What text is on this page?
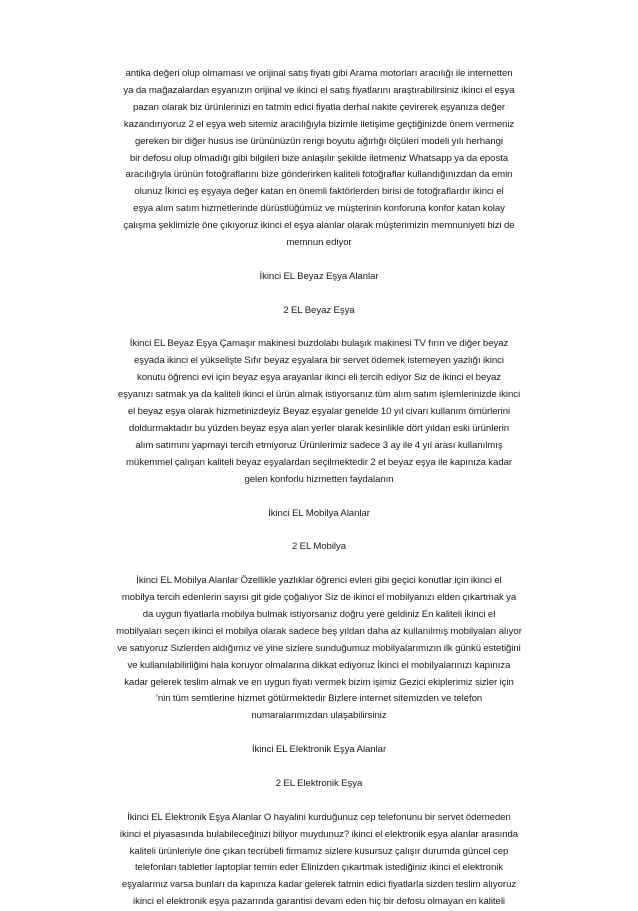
antika değeri olup olmaması ve orijinal satış fiyatı gibi Arama motorları aracılığı ile internetten
ya da mağazalardan eşyanızın orijinal ve ikinci el satış fiyatlarını araştırabilirsiniz ikinci el eşya
pazarı olarak biz ürünlerinizi en tatmin edici fiyatla derhal nakite çevirerek eşyanıza değer
kazandırıyoruz 2 el eşya web sitemiz aracılığıyla bizimle iletişime geçtiğinizde önem vermeniz
gereken bir diğer husus ise ürününüzün rengi boyutu ağırlığı ölçüleri modeli yılı herhangi
bir defosu olup olmadığı gibi bilgileri bize anlaşılır şekilde iletmeniz Whatsapp ya da eposta
aracılığıyla ürünün fotoğraflarını bize gönderirken kaliteli fotoğraflar kullandığınızdan da emin
olunuz İkinci eş eşyaya değer katan en önemli faktörlerden birisi de fotoğraflardır ikinci el
eşya alım satım hizmetlerinde dürüstlüğümüz ve müşterinin konforuna konfor katan kolay
çalışma şeklimizle öne çıkıyoruz ikinci el eşya alanlar olarak müşterimizin memnuniyeti bizi de
memnun ediyor

İkinci EL Beyaz Eşya Alanlar

2 EL Beyaz Eşya

İkinci EL Beyaz Eşya Çamaşır makinesi buzdolabı bulaşık makinesi TV fırın ve diğer beyaz
eşyada ikinci el yükselişte Sıfır beyaz eşyalara bir servet ödemek istemeyen yazlığı ikinci
konutu öğrenci evi için beyaz eşya arayanlar ikinci eli tercih ediyor Siz de ikinci el beyaz
eşyanızı satmak ya da kaliteli ikinci el ürün almak istiyorsanız tüm alım satım işlemlerinizde ikinci
el beyaz eşya olarak hizmetinizdeyiz Beyaz eşyalar genelde 10 yıl civarı kullanım ömürlerini
doldurmaktadır bu yüzden beyaz eşya alan yerler olarak kesinlikle dört yıldan eski ürünlerin
alım satımını yapmayı tercih etmiyoruz Ürünlerimiz sadece 3 ay ile 4 yıl arası kullanılmış
mükemmel çalışan kaliteli beyaz eşyalardan seçilmektedir 2 el beyaz eşya ile kapınıza kadar
gelen konforlu hizmetten faydalanın

İkinci EL Mobilya Alanlar

2 EL Mobilya

İkinci EL Mobilya Alanlar Özellikle yazlıklar öğrenci evleri gibi geçici konutlar için ikinci el
mobilya tercih edenlerin sayısı git gide çoğalıyor Siz de ikinci el mobilyanızı elden çıkartmak ya
da uygun fiyatlarla mobilya bulmak istiyorsanız doğru yere geldiniz En kaliteli ikinci el
mobilyaları seçen ikinci el mobilya olarak sadece beş yıldan daha az kullanılmış mobilyaları alıyor
ve satıyoruz Sizlerden aldığımız ve yine sizlere sunduğumuz mobilyalarımızın ilk günkü estetiğini
ve kullanılabilirliğini hala koruyor olmalarına dikkat ediyoruz İkinci el mobilyalarınızı kapınıza
kadar gelerek teslim almak ve en uygun fiyatı vermek bizim işimiz Gezici ekiplerimiz sizler için
’nin tüm semtlerine hizmet götürmektedir Bizlere internet sitemizden ve telefon
numaralarımızdan ulaşabilirsiniz

İkinci EL Elektronik Eşya Alanlar

2 EL Elektronik Eşya

İkinci EL Elektronik Eşya Alanlar O hayalini kurduğunuz cep telefonunu bir servet ödemeden
ikinci el piyasasında bulabileceğinizi biliyor muydunuz? ikinci el elektronik eşya alanlar arasında
kaliteli ürünleriyle öne çıkan tecrübeli firmamız sizlere kusursuz çalışır durumda güncel cep
telefonları tabletler laptoplar temin eder Elinizden çıkartmak istediğiniz ikinci el elektronik
eşyalarınız varsa bunları da kapınıza kadar gelerek tatmin edici fiyatlarla sizden teslim alıyoruz
ikinci el elektronik eşya pazarında garantisi devam eden hiç bir defosu olmayan en kaliteli
